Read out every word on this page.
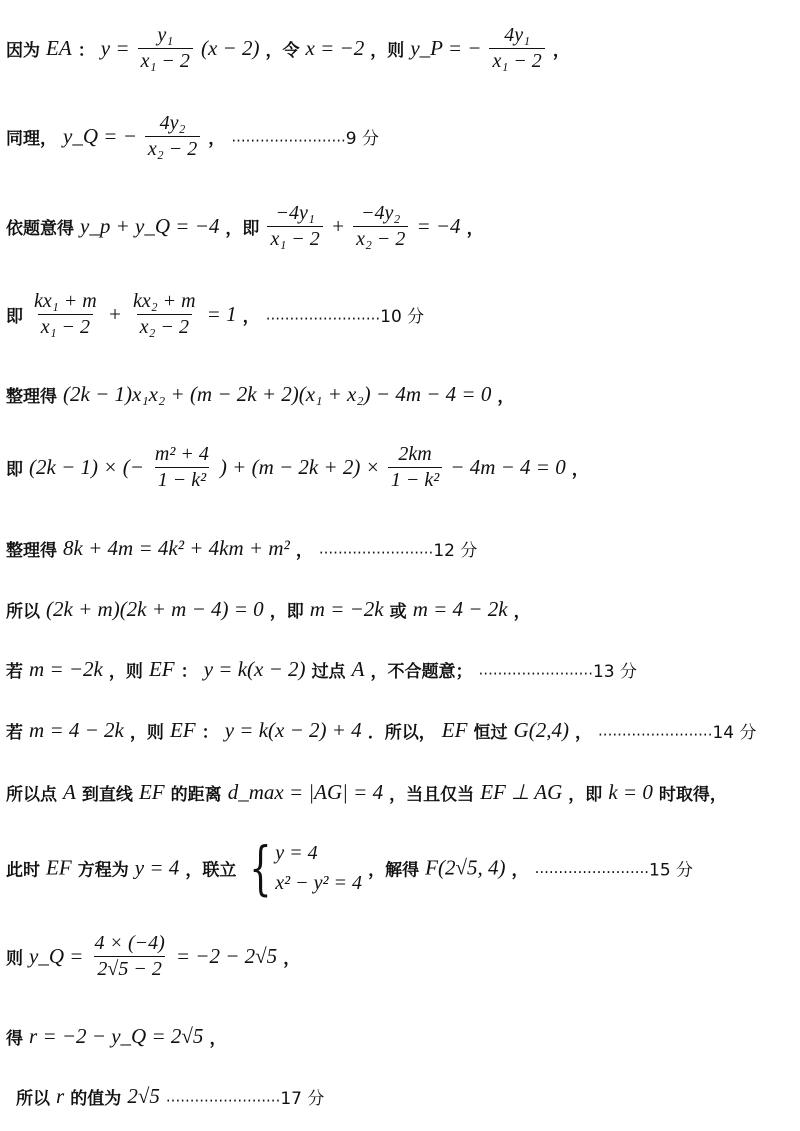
因为 EA ： $y = \frac{\text{y₁}}{\text{x₁ − 2}} (x - 2)$ ，令 x = −2 ，则 y_P = − $\frac{\text{4y₁}}{\text{x₁ − 2}}$ ，
同理， y_Q = − $\frac{\text{4y₂}}{\text{x₂ − 2}}$ ， ........................9 分
依题意得 y_p + y_Q = −4 ，即 $\frac{\text{−4y₁}}{\text{x₁ − 2}} + \frac{\text{−4y₂}}{\text{x₂ − 2}} = -4$ ，
即 $\frac{\text{kx₁ + m}}{\text{x₁ − 2}} + \frac{\text{kx₂ + m}}{\text{x₂ − 2}} = 1$ ， ........................10 分
整理得 (2k − 1)x₁x₂ + (m − 2k + 2)(x₁ + x₂) − 4m − 4 = 0 ，
即 (2k − 1) × (− $\frac{\text{m² + 4}}{\text{1 − k²}}$ ) + $(m - 2k + 2) \times \frac{2km}{\text{1 − k²}} - 4m - 4 = 0$ ，
整理得 8k + 4m = 4k² + 4km + m² ， ........................12 分
所以 (2k + m)(2k + m − 4) = 0 ，即 m = −2k 或 m = 4 − 2k ，
若 m = −2k ，则 EF ： y = k(x − 2) 过点 A ，不合题意； ........................13 分
若 m = 4 − 2k ，则 EF ： y = k(x − 2) + 4 ．所以， EF 恒过 G(2,4) ， ........................14 分
所以点 A 到直线 EF 的距离 d_max = |AG| = 4 ，当且仅当 EF ⊥ AG ，即 k = 0 时取得，
此时 EF 方程为 y = 4 ，联立 { y = 4
x² − y² = 4
，解得 F(2√5, 4) ， ........................15 分
则 y_Q = $\frac{4 \times (-4)}{2√5 - 2} = -2 - 2√5$ ，
得 r = −2 − y_Q = 2√5 ，
所以 r 的值为 2√5 ........................17 分
